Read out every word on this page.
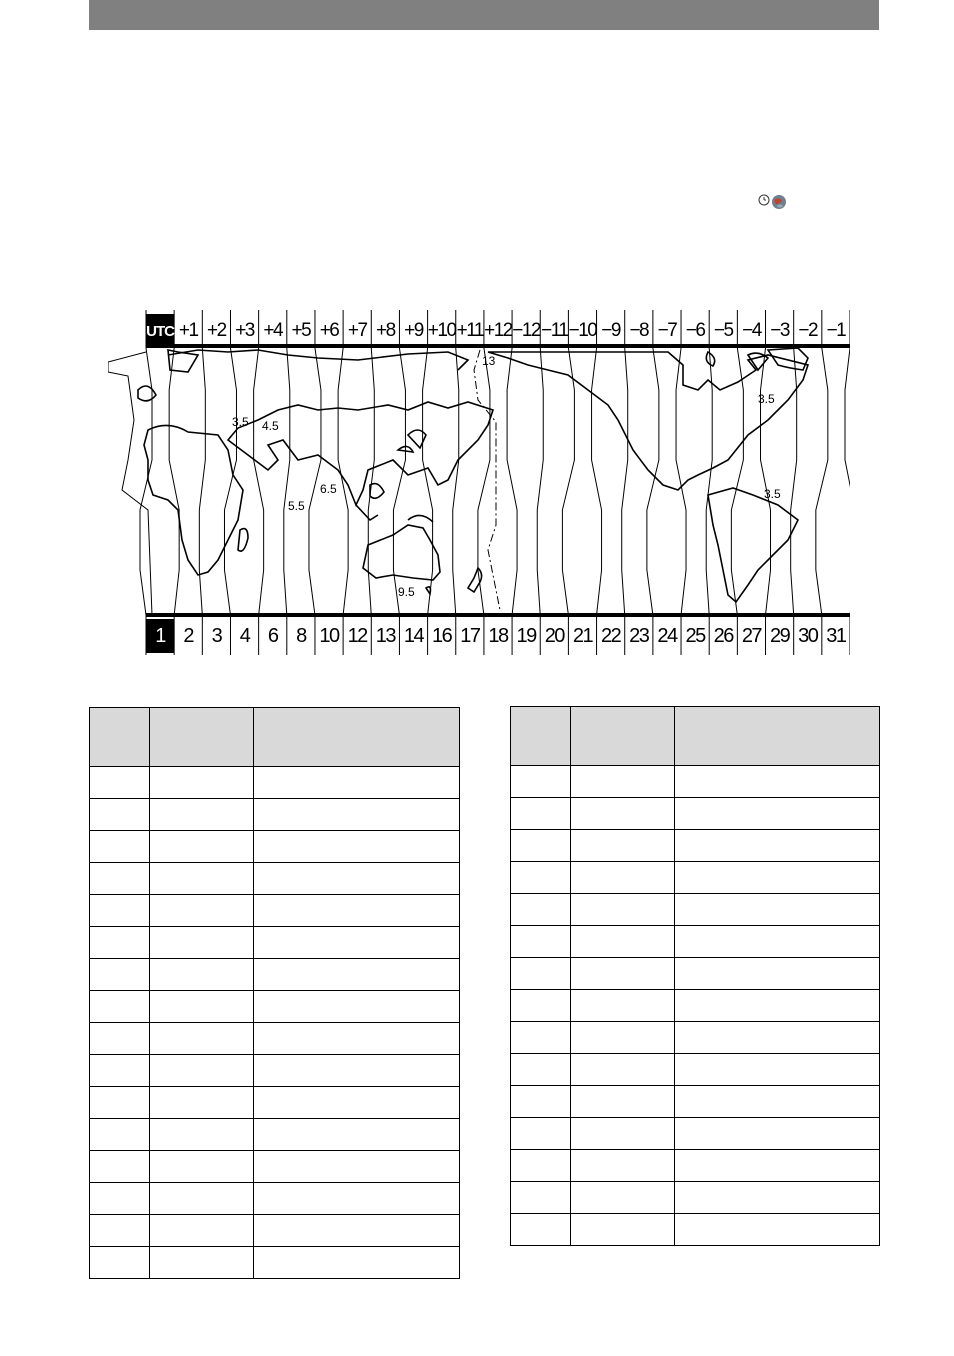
3.5 4.5
5.5
6.5
9.5
13
3.5
3.5
UTC +1 +2 +3 +4 +5 +6 +7 +8 +9 +10 +11 +12 −12 −11 −10 −9 −8 −7 −6 −5 −4 −3 −2 −1
1 2 3 4 6 8 10 12 13 14 16 17 18 19 20 21 22 23 24 25 26 27 29 30 31
